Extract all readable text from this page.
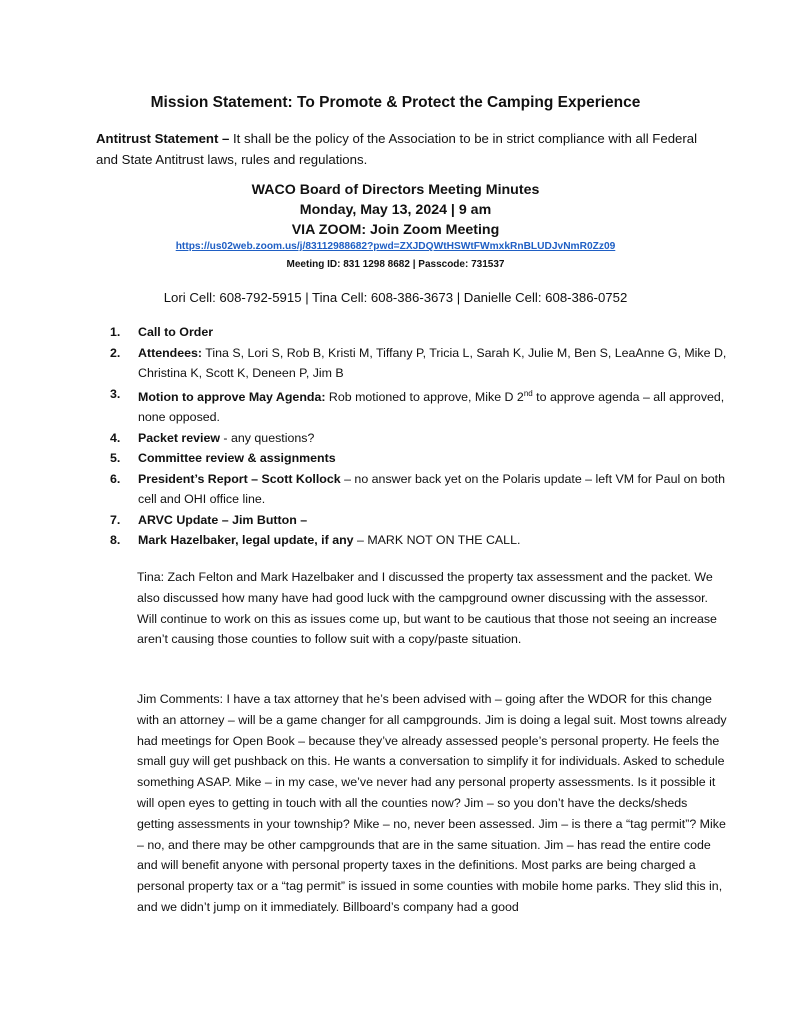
Mission Statement: To Promote & Protect the Camping Experience
Antitrust Statement – It shall be the policy of the Association to be in strict compliance with all Federal and State Antitrust laws, rules and regulations.
WACO Board of Directors Meeting Minutes
Monday, May 13, 2024 | 9 am
VIA ZOOM: Join Zoom Meeting
https://us02web.zoom.us/j/83112988682?pwd=ZXJDQWtHSWtFWmxkRnBLUDJvNmR0Zz09
Meeting ID: 831 1298 8682 | Passcode: 731537
Lori Cell: 608-792-5915 | Tina Cell: 608-386-3673 | Danielle Cell: 608-386-0752
1. Call to Order
2. Attendees: Tina S, Lori S, Rob B, Kristi M, Tiffany P, Tricia L, Sarah K, Julie M, Ben S, LeaAnne G, Mike D, Christina K, Scott K, Deneen P, Jim B
3. Motion to approve May Agenda: Rob motioned to approve, Mike D 2nd to approve agenda – all approved, none opposed.
4. Packet review - any questions?
5. Committee review & assignments
6. President’s Report – Scott Kollock – no answer back yet on the Polaris update – left VM for Paul on both cell and OHI office line.
7. ARVC Update – Jim Button –
8. Mark Hazelbaker, legal update, if any – MARK NOT ON THE CALL.
Tina: Zach Felton and Mark Hazelbaker and I discussed the property tax assessment and the packet. We also discussed how many have had good luck with the campground owner discussing with the assessor. Will continue to work on this as issues come up, but want to be cautious that those not seeing an increase aren’t causing those counties to follow suit with a copy/paste situation.
Jim Comments: I have a tax attorney that he’s been advised with – going after the WDOR for this change with an attorney – will be a game changer for all campgrounds. Jim is doing a legal suit. Most towns already had meetings for Open Book – because they’ve already assessed people’s personal property. He feels the small guy will get pushback on this. He wants a conversation to simplify it for individuals. Asked to schedule something ASAP. Mike – in my case, we’ve never had any personal property assessments. Is it possible it will open eyes to getting in touch with all the counties now? Jim – so you don’t have the decks/sheds getting assessments in your township? Mike – no, never been assessed. Jim – is there a “tag permit”? Mike – no, and there may be other campgrounds that are in the same situation. Jim – has read the entire code and will benefit anyone with personal property taxes in the definitions. Most parks are being charged a personal property tax or a “tag permit” is issued in some counties with mobile home parks. They slid this in, and we didn’t jump on it immediately. Billboard’s company had a good
